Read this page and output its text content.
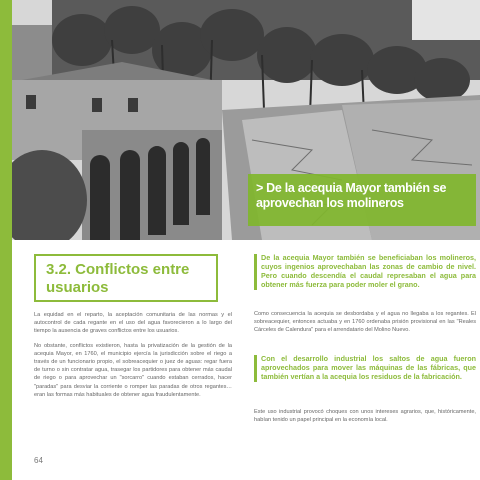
> De la acequia Mayor también se aprovechan los molineros
3.2. Conflictos entre usuarios

La equidad en el reparto, la aceptación comunitaria de las normas y el autocontrol de cada regante en el uso del agua favorecieron a lo largo del tiempo la ausencia de graves conflictos entre los usuarios.

No obstante, conflictos existieron, hasta la privatización de la gestión de la acequia Mayor, en 1760, el municipio ejercía la jurisdicción sobre el riego a través de un funcionario propio, el sobreacequier o juez de aguas: regar fuera de turno o sin contratar agua, trasegar los partidores para obtener más caudal de riego o para aprovechar un "sorcarro" cuando estaban cerrados, hacer "paradas" para desviar la corriente o romper las paradas de otros regantes… eran las formas más habituales de obtener agua fraudulentamente.

64

De la acequia Mayor también se beneficiaban los molineros, cuyos ingenios aprovechaban las zonas de cambio de nivel. Pero cuando descendía el caudal represaban el agua para obtener más fuerza para poder moler el grano.

Como consecuencia la acequia se desbordaba y el agua no llegaba a los regantes. El sobreacequier, entonces actuaba y en 1760 ordenaba prisión provisional en las "Reales Cárceles de Calendura" para el arrendatario del Molino Nuevo.

Con el desarrollo industrial los saltos de agua fueron aprovechados para mover las máquinas de las fábricas, que también vertían a la acequia los residuos de la fabricación.

Este uso industrial provocó choques con unos intereses agrarios, que, históricamente, habían tenido un papel principal en la economía local.
